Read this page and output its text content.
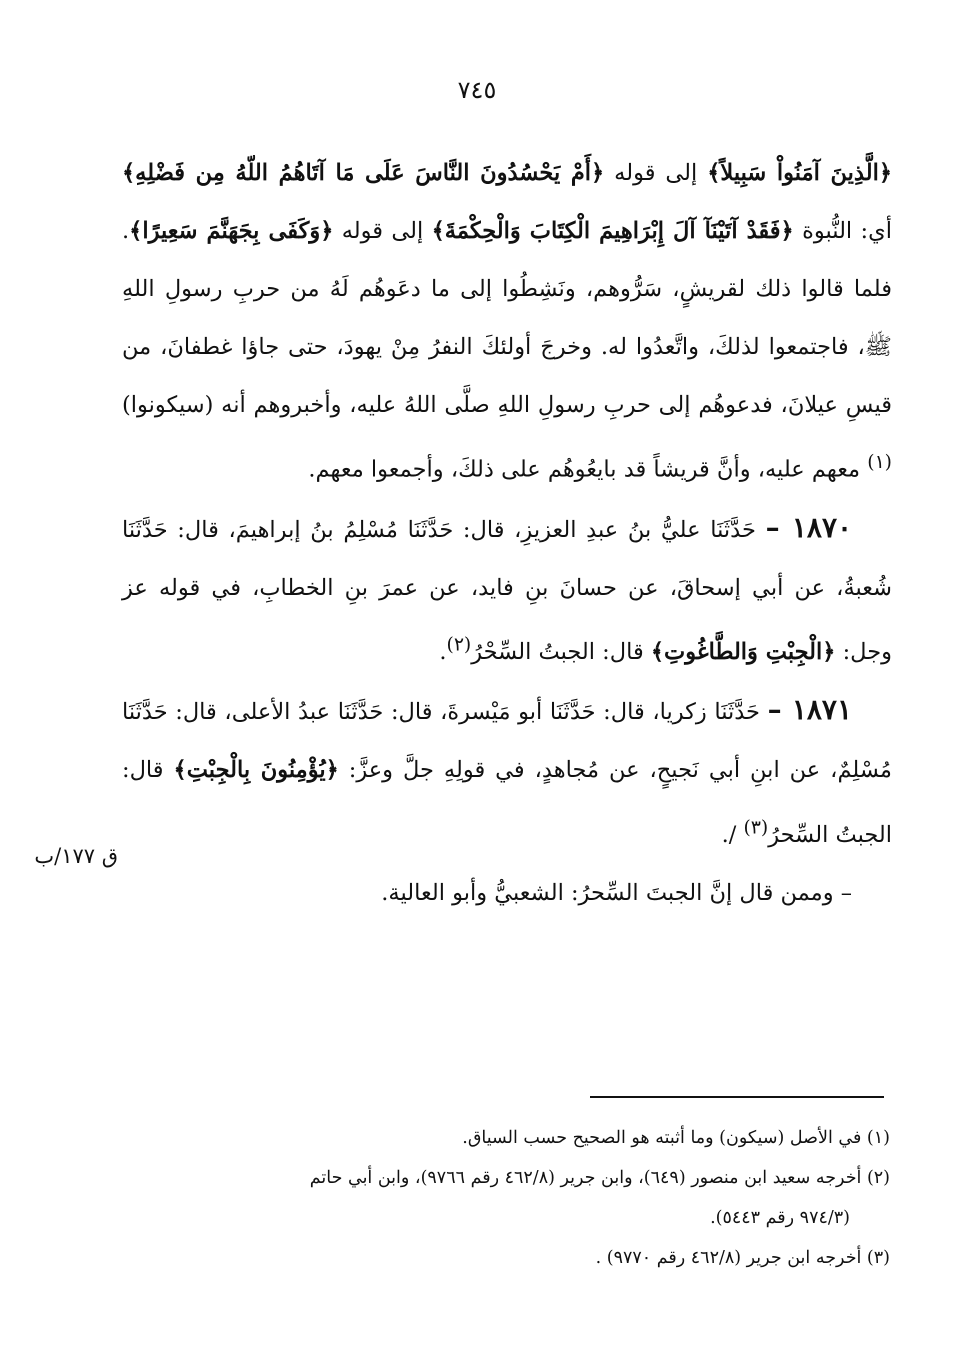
٧٤٥

﴿الَّذِينَ آمَنُواْ سَبِيلاً﴾ إلى قوله ﴿أَمْ يَحْسُدُونَ النَّاسَ عَلَى مَا آتَاهُمُ اللّهُ مِن فَضْلِهِ﴾ أي: النُّبوة ﴿فَقَدْ آتَيْنَآ آلَ إِبْرَاهِيمَ الْكِتَابَ وَالْحِكْمَةَ﴾ إلى قوله ﴿وَكَفَى بِجَهَنَّمَ سَعِيرًا﴾. فلما قالوا ذلك لقريشٍ، سَرُّوهم، ونَشِطُوا إلى ما دعَوهُم لَهُ من حربِ رسولِ اللهِ ﷺ، فاجتمعوا لذلكَ، واتَّعدُوا له. وخرجَ أولئكَ النفرُ مِنْ يهودَ، حتى جاؤا غطفانَ، من قيسِ عيلانَ، فدعوهُم إلى حربِ رسولِ اللهِ صلَّى اللهُ عليه، وأخبروهم أنه (سيكونوا) $^{(١)}$ معهم عليه، وأنَّ قريشاً قد بايعُوهُم على ذلكَ، وأجمعوا معهم.

١٨٧٠ – حَدَّثَنَا عليُّ بنُ عبدِ العزيزِ، قال: حَدَّثَنَا مُسْلِمُ بنُ إبراهيمَ، قال: حَدَّثَنَا شُعبةُ، عن أبي إسحاقَ، عن حسانَ بنِ فايد، عن عمرَ بنِ الخطابِ، في قوله عز وجل: ﴿الْجِبْتِ وَالطَّاغُوتِ﴾ قال: الجبتُ السِّحْرُ$^{(٢)}$.

١٨٧١ – حَدَّثَنَا زكريا، قال: حَدَّثَنَا أبو مَيْسرةَ، قال: حَدَّثَنَا عبدُ الأعلى، قال: حَدَّثَنَا مُسْلِمٌ، عن ابنِ أبي نَجيحٍ، عن مُجاهدٍ، في قولِهِ جلَّ وعزَّ: ﴿يُؤْمِنُونَ بِالْجِبْتِ﴾ قال: الجبتُ السِّحرُ$^{(٣)}$ /.

– وممن قال إنَّ الجبتَ السِّحرُ: الشعبيُّ وأبو العالية.

ق ١٧٧/ب

(١) في الأصل (سيكون) وما أثبته هو الصحيح حسب السياق.

(٢) أخرجه سعيد ابن منصور (٦٤٩)، وابن جرير (٤٦٢/٨ رقم ٩٧٦٦)، وابن أبي حاتم

(٩٧٤/٣ رقم ٥٤٤٣).

(٣) أخرجه ابن جرير (٤٦٢/٨ رقم ٩٧٧٠) .
